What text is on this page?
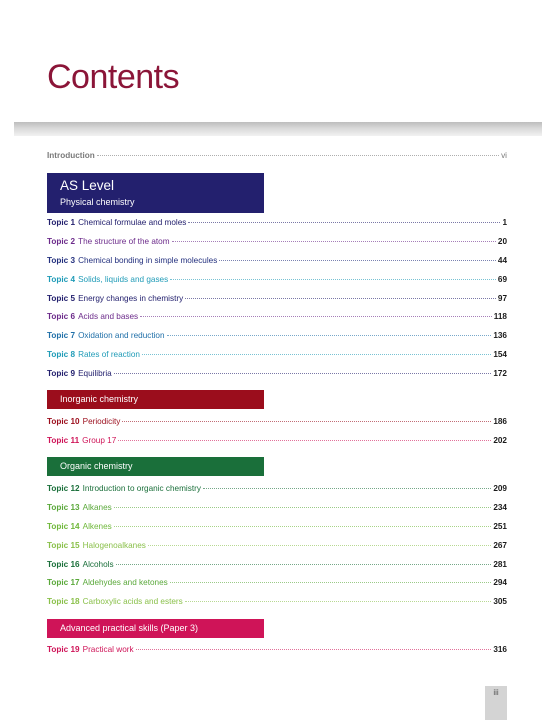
Contents
Introduction	vi
AS Level
Physical chemistry
Topic 1 Chemical formulae and moles	1
Topic 2 The structure of the atom	20
Topic 3 Chemical bonding in simple molecules	44
Topic 4 Solids, liquids and gases	69
Topic 5 Energy changes in chemistry	97
Topic 6 Acids and bases	118
Topic 7 Oxidation and reduction	136
Topic 8 Rates of reaction	154
Topic 9 Equilibria	172
Topic 10 Periodicity	186
Topic 11 Group 17	202
Topic 12 Introduction to organic chemistry	209
Topic 13 Alkanes	234
Topic 14 Alkenes	251
Topic 15 Halogenoalkanes	267
Topic 16 Alcohols	281
Topic 17 Aldehydes and ketones	294
Topic 18 Carboxylic acids and esters	305
Topic 19 Practical work	316
Inorganic chemistry
Organic chemistry
Advanced practical skills (Paper 3)
iii
